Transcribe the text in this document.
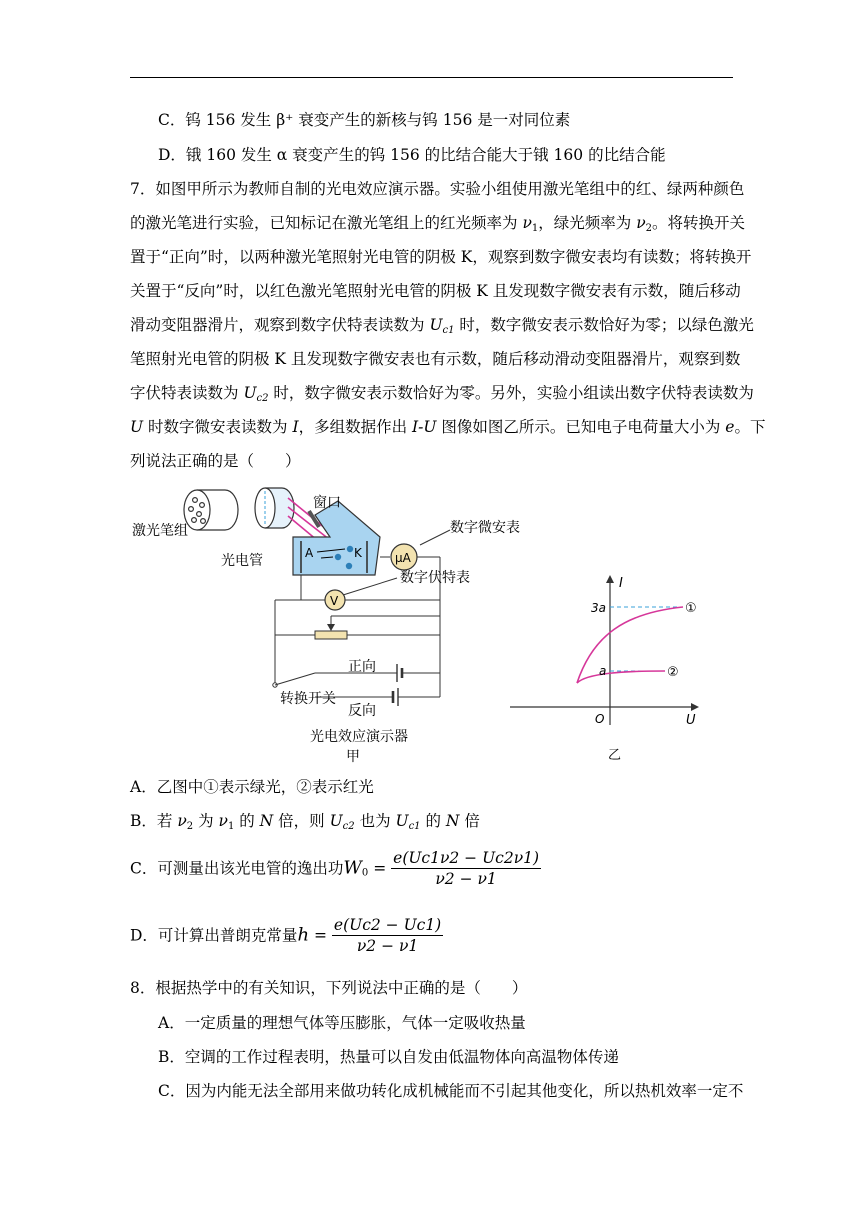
C．钨 156 发生 β⁺ 衰变产生的新核与钨 156 是一对同位素
D．锇 160 发生 α 衰变产生的钨 156 的比结合能大于锇 160 的比结合能
7．如图甲所示为教师自制的光电效应演示器。实验小组使用激光笔组中的红、绿两种颜色
的激光笔进行实验，已知标记在激光笔组上的红光频率为 $\nu_1$，绿光频率为 $\nu_2$。将转换开关
置于“正向”时，以两种激光笔照射光电管的阴极 K，观察到数字微安表均有读数；将转换开
关置于“反向”时，以红色激光笔照射光电管的阴极 K 且发现数字微安表有示数，随后移动
滑动变阻器滑片，观察到数字伏特表读数为 $U_{c1}$ 时，数字微安表示数恰好为零；以绿色激光
笔照射光电管的阴极 K 且发现数字微安表也有示数，随后移动滑动变阻器滑片，观察到数
字伏特表读数为 $U_{c2}$ 时，数字微安表示数恰好为零。另外，实验小组读出数字伏特表读数为
U 时数字微安表读数为 I，多组数据作出 I-U 图像如图乙所示。已知电子电荷量大小为 e。下
列说法正确的是（　　）
A	K	μA
V
激光笔组
光电管
窗口
数字微安表
数字伏特表
正向
转换开关
反向
光电效应演示器
甲
I
U
O
3a
a
①
②
乙
A．乙图中①表示绿光，②表示红光
B．若 $\nu_2$ 为 $\nu_1$ 的 N 倍，则 $U_{c2}$ 也为 $U_{c1}$ 的 N 倍
C．可测量出该光电管的逸出功$W_0 = \frac{e(Uc1\nu 2 - Uc2\nu 1)}{\nu 2 - \nu 1}$
D．可计算出普朗克常量$h = \frac{e(Uc2 - Uc1)}{\nu 2 - \nu 1}$
8．根据热学中的有关知识，下列说法中正确的是（　　）
A．一定质量的理想气体等压膨胀，气体一定吸收热量
B．空调的工作过程表明，热量可以自发由低温物体向高温物体传递
C．因为内能无法全部用来做功转化成机械能而不引起其他变化，所以热机效率一定不
